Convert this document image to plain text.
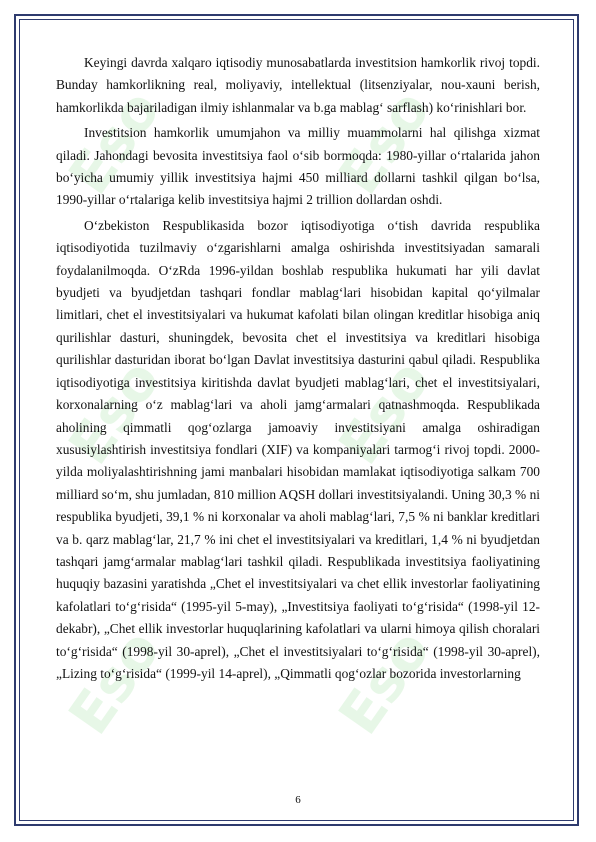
Eso	Eso
Eso	Eso
Eso	Eso

Keyingi davrda xalqaro iqtisodiy munosabatlarda investitsion hamkorlik rivoj topdi. Bunday hamkorlikning real, moliyaviy, intellektual (litsenziyalar, nou-xauni berish, hamkorlikda bajariladigan ilmiy ishlanmalar va b.ga mablag‘ sarflash) ko‘rinishlari bor.

Investitsion hamkorlik umumjahon va milliy muammolarni hal qilishga xizmat qiladi. Jahondagi bevosita investitsiya faol o‘sib bormoqda: 1980-yillar o‘rtalarida jahon bo‘yicha umumiy yillik investitsiya hajmi 450 milliard dollarni tashkil qilgan bo‘lsa, 1990-yillar o‘rtalariga kelib investitsiya hajmi 2 trillion dollardan oshdi.

O‘zbekiston Respublikasida bozor iqtisodiyotiga o‘tish davrida respublika iqtisodiyotida tuzilmaviy o‘zgarishlarni amalga oshirishda investitsiyadan samarali foydalanilmoqda. O‘zRda 1996-yildan boshlab respublika hukumati har yili davlat byudjeti va byudjetdan tashqari fondlar mablag‘lari hisobidan kapital qo‘yilmalar limitlari, chet el investitsiyalari va hukumat kafolati bilan olingan kreditlar hisobiga aniq qurilishlar dasturi, shuningdek, bevosita chet el investitsiya va kreditlari hisobiga qurilishlar dasturidan iborat bo‘lgan Davlat investitsiya dasturini qabul qiladi. Respublika iqtisodiyotiga investitsiya kiritishda davlat byudjeti mablag‘lari, chet el investitsiyalari, korxonalarning o‘z mablag‘lari va aholi jamg‘armalari qatnashmoqda. Respublikada aholining qimmatli qog‘ozlarga jamoaviy investitsiyani amalga oshiradigan xususiylashtirish investitsiya fondlari (XIF) va kompaniyalari tarmog‘i rivoj topdi. 2000-yilda moliyalashtirishning jami manbalari hisobidan mamlakat iqtisodiyotiga salkam 700 milliard so‘m, shu jumladan, 810 million AQSH dollari investitsiyalandi. Uning 30,3 % ni respublika byudjeti, 39,1 % ni korxonalar va aholi mablag‘lari, 7,5 % ni banklar kreditlari va b. qarz mablag‘lar, 21,7 % ini chet el investitsiyalari va kreditlari, 1,4 % ni byudjetdan tashqari jamg‘armalar mablag‘lari tashkil qiladi. Respublikada investitsiya faoliyatining huquqiy bazasini yaratishda „Chet el investitsiyalari va chet ellik investorlar faoliyatining kafolatlari to‘g‘risida“ (1995-yil 5-may), „Investitsiya faoliyati to‘g‘risida“ (1998-yil 12-dekabr), „Chet ellik investorlar huquqlarining kafolatlari va ularni himoya qilish choralari to‘g‘risida“ (1998-yil 30-aprel), „Chet el investitsiyalari to‘g‘risida“ (1998-yil 30-aprel), „Lizing to‘g‘risida“ (1999-yil 14-aprel), „Qimmatli qog‘ozlar bozorida investorlarning

6
